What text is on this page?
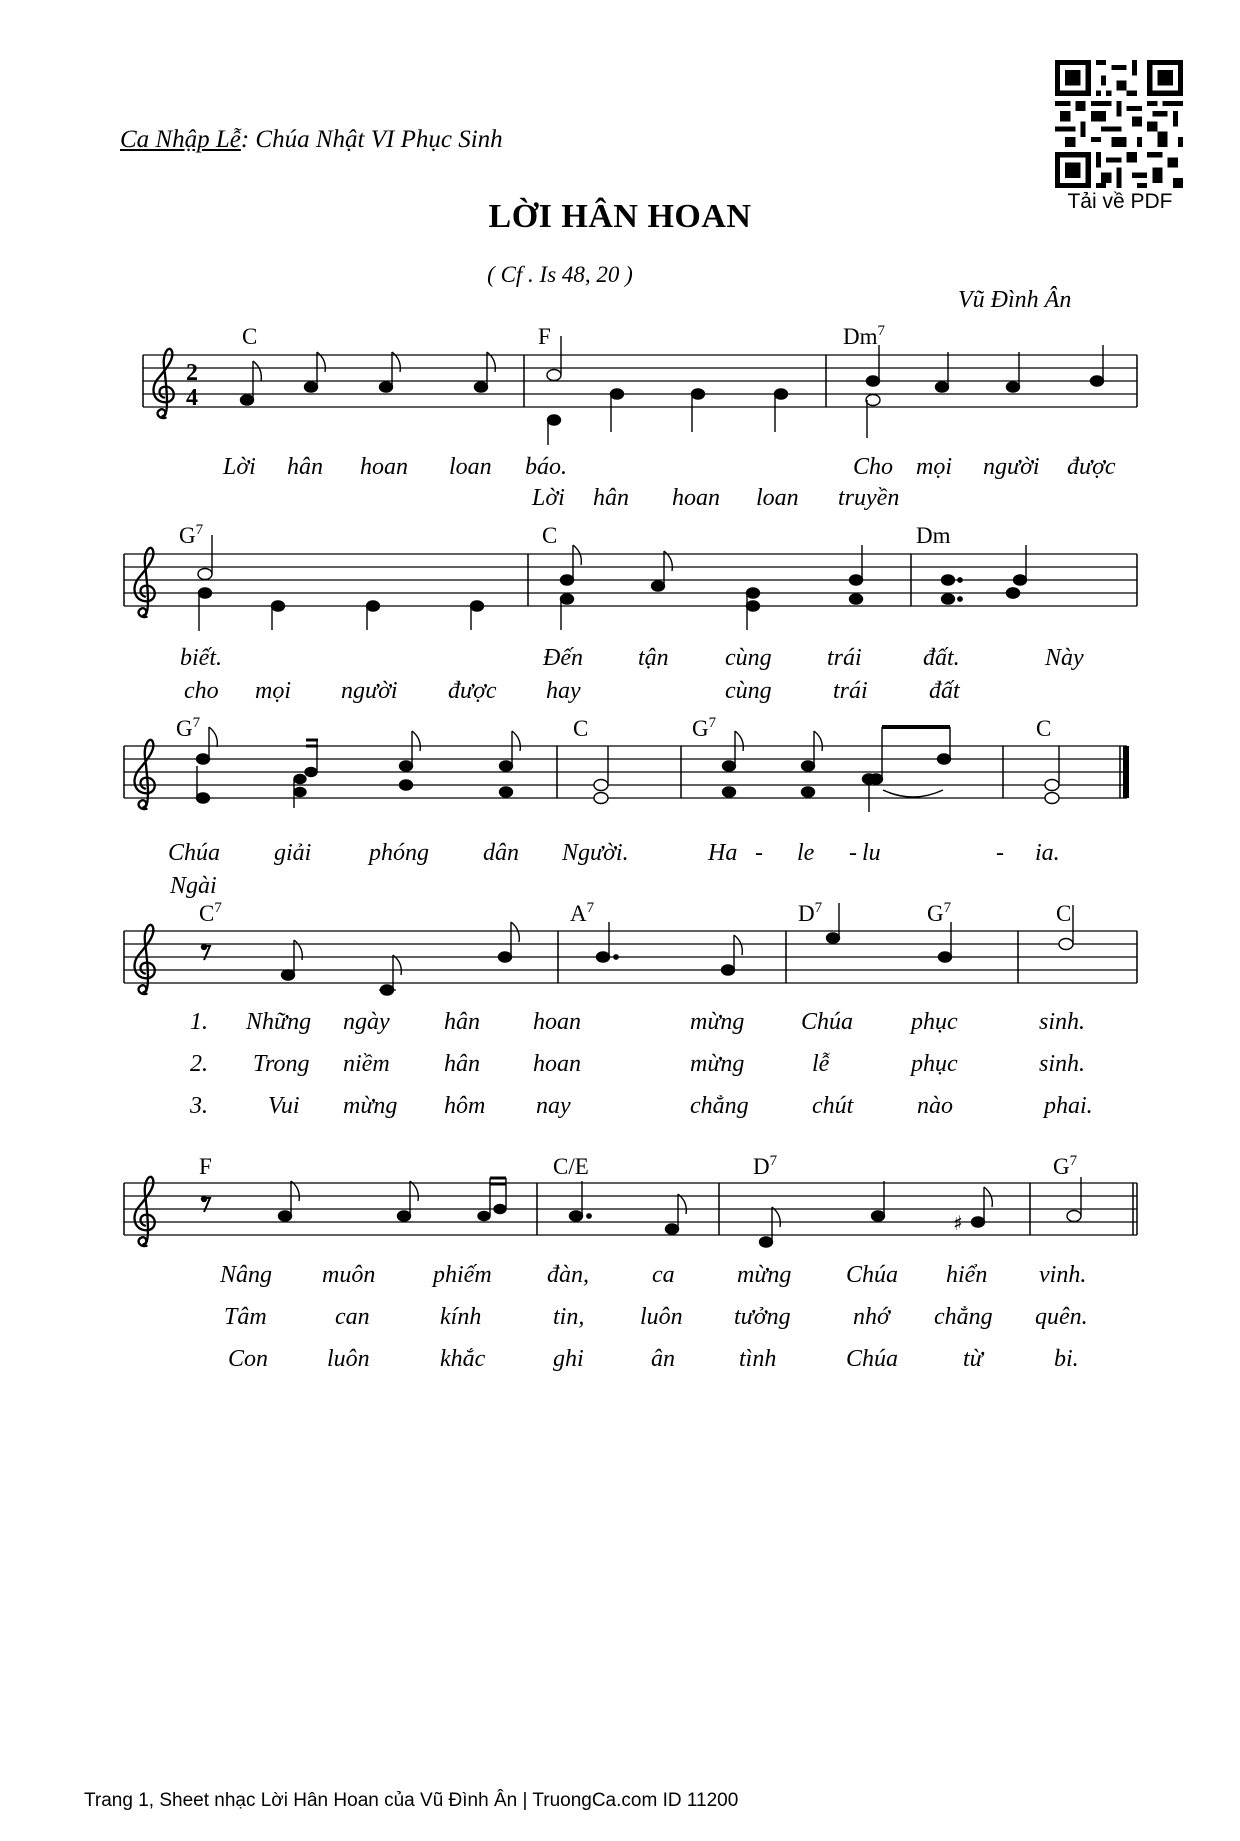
Ca Nhập Lễ: Chúa Nhật VI Phục Sinh
LỜI HÂN HOAN
( Cf . Is 48, 20 )
Vũ Đình Ân
Tải về PDF
2
4
C	F	Dm$^7$
Lời hân hoan loan báo.	Cho mọi người được
Lời hân hoan loan truyền
$G^7$	C	Dm
biết.	Đến tận cùng trái	đất.	Này
cho mọi người được hay	cùng	trái	đất
$G^7$	C	$G^7$	C
Chúa giải phóng dân Người.	Ha - le - lu	- ia.
Ngài
$C^7$	$A^7$	$D^7$	$G^7$	C
1. Những ngày hân hoan	mừng Chúa phục	sinh.
2. Trong niềm hân hoan	mừng	lễ	phục	sinh.
3.	Vui mừng hôm nay	chẳng	chút	nào	phai.
♯
F	C/E	$D^7$	$G^7$
Nâng muôn phiếm đàn,	ca	mừng Chúa hiển vinh.
Tâm	can	kính	tin, luôn tưởng	nhớ chẳng quên.
Con luôn	khắc	ghi	ân	tình	Chúa	từ	bi.
Trang 1, Sheet nhạc Lời Hân Hoan của Vũ Đình Ân | TruongCa.com ID 11200
